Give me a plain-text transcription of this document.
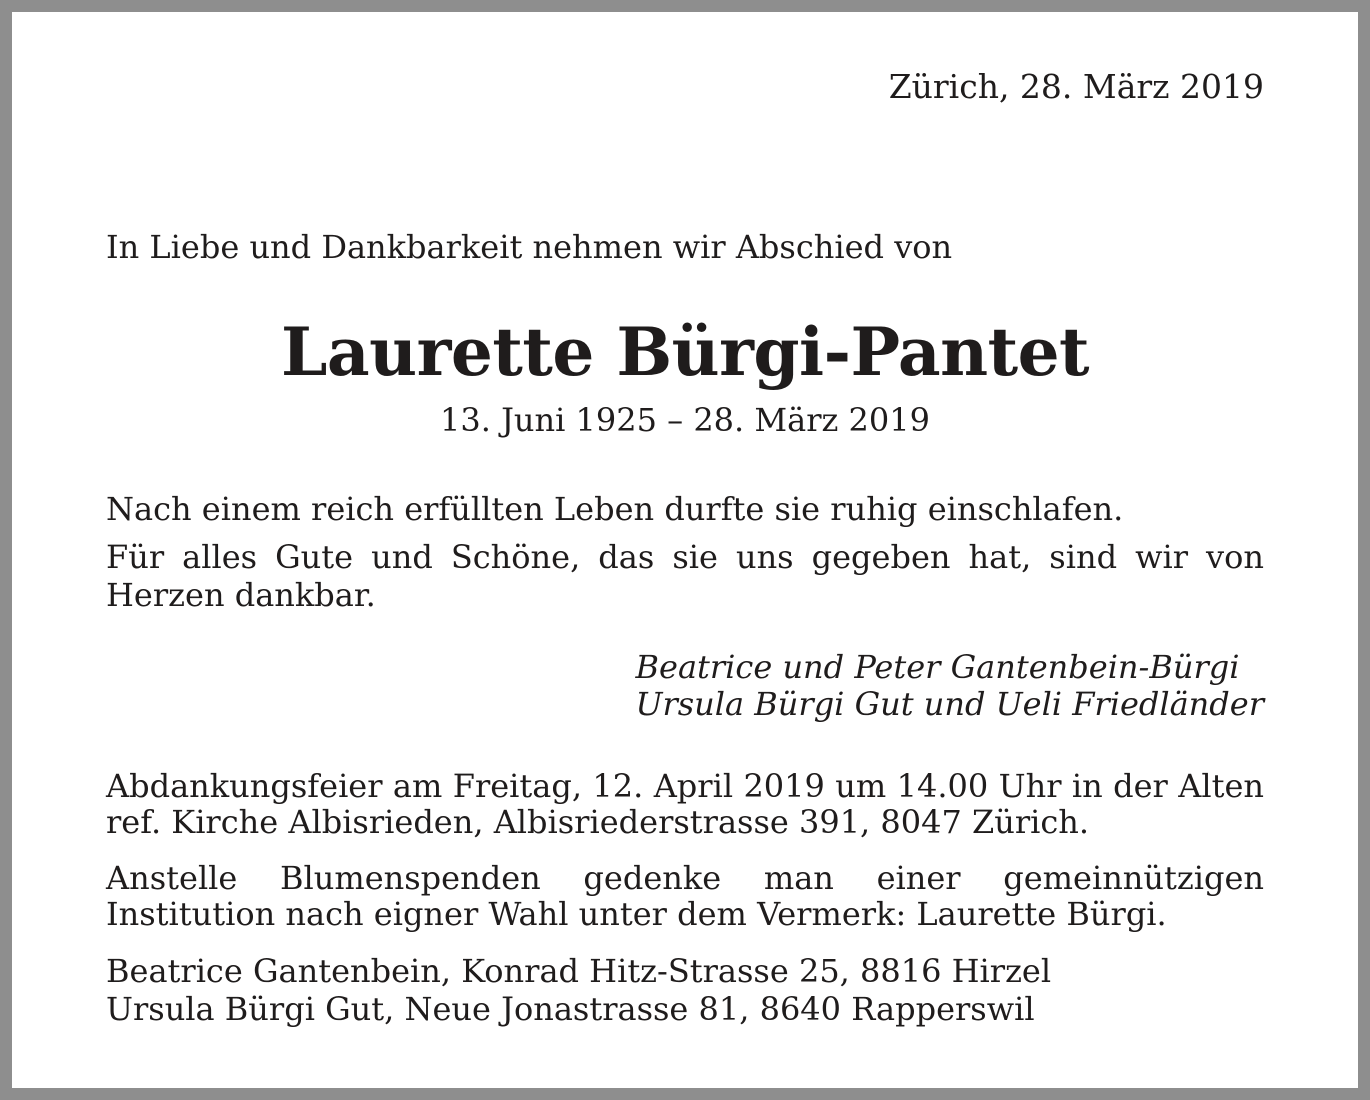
Zürich, 28. März 2019
In Liebe und Dankbarkeit nehmen wir Abschied von
Laurette Bürgi-Pantet
13. Juni 1925 – 28. März 2019
Nach einem reich erfüllten Leben durfte sie ruhig einschlafen.
Für alles Gute und Schöne, das sie uns gegeben hat, sind wir von Herzen dankbar.
Beatrice und Peter Gantenbein-Bürgi
Ursula Bürgi Gut und Ueli Friedländer
Abdankungsfeier am Freitag, 12. April 2019 um 14.00 Uhr in der Alten ref. Kirche Albisrieden, Albisriederstrasse 391, 8047 Zürich.
Anstelle Blumenspenden gedenke man einer gemeinnützigen Institution nach eigner Wahl unter dem Vermerk: Laurette Bürgi.
Beatrice Gantenbein, Konrad Hitz-Strasse 25, 8816 Hirzel
Ursula Bürgi Gut, Neue Jonastrasse 81, 8640 Rapperswil
